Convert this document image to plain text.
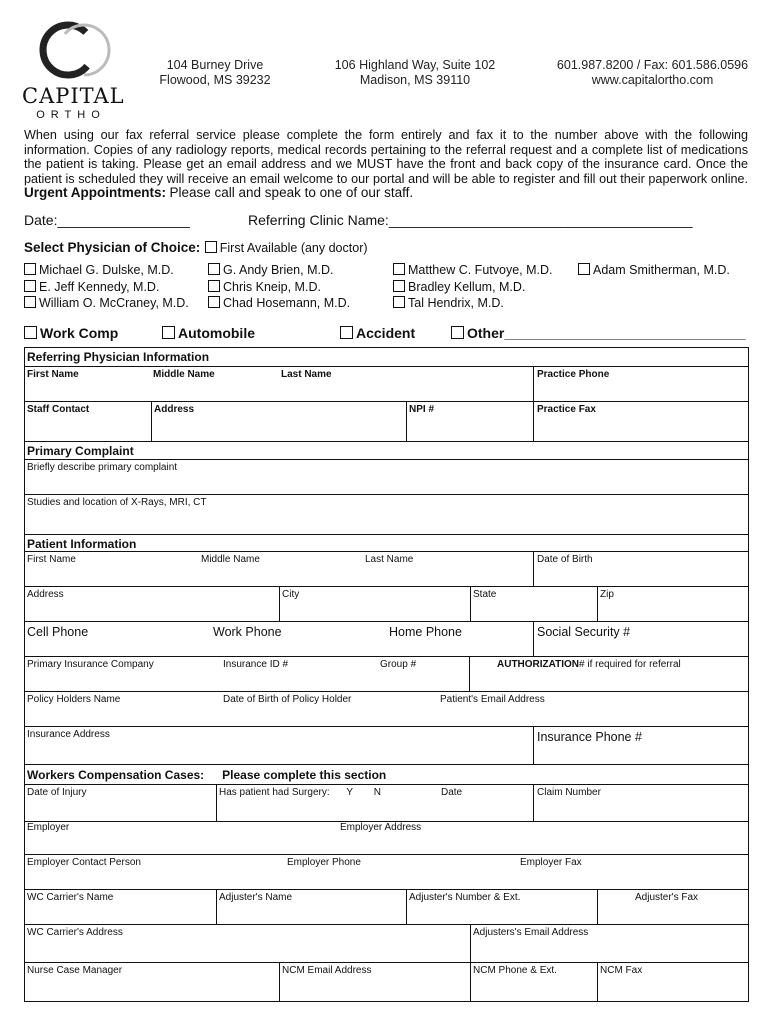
CAPITAL
ORTHO
104 Burney Drive
Flowood, MS 39232
106 Highland Way, Suite 102
Madison, MS 39110
601.987.8200 / Fax: 601.586.0596
www.capitalortho.com
When using our fax referral service please complete the form entirely and fax it to the number above with the following information. Copies of any radiology reports, medical records pertaining to the referral request and a complete list of medications the patient is taking. Please get an email address and we MUST have the front and back copy of the insurance card. Once the patient is scheduled they will receive an email welcome to our portal and will be able to register and fill out their paperwork online. Urgent Appointments: Please call and speak to one of our staff.
Date:_________________	Referring Clinic Name:_______________________________________
Select Physician of Choice: First Available (any doctor)
Michael G. Dulske, M.D.
E. Jeff Kennedy, M.D.
William O. McCraney, M.D.
G. Andy Brien, M.D.
Chris Kneip, M.D.
Chad Hosemann, M.D.
Matthew C. Futvoye, M.D.
Bradley Kellum, M.D.
Tal Hendrix, M.D.
Adam Smitherman, M.D.
Work Comp	Automobile	Accident	Other_______________________________
Referring Physician Information
First Name	Middle Name	Last Name	Practice Phone
Staff Contact	Address	NPI #	Practice Fax
Primary Complaint
Briefly describe primary complaint
Studies and location of X-Rays, MRI, CT
Patient Information
First Name	Middle Name	Last Name	Date of Birth
Address	City	State	Zip
Cell Phone	Work Phone	Home Phone	Social Security #
Primary Insurance Company	Insurance ID #	Group #	AUTHORIZATION# if required for referral
Policy Holders Name	Date of Birth of Policy Holder	Patient's Email Address
Insurance Address	Insurance Phone #
Workers Compensation Cases: Please complete this section
Date of Injury	Has patient had Surgery: Y N	Date	Claim Number
Employer	Employer Address
Employer Contact Person	Employer Phone	Employer Fax
WC Carrier's Name	Adjuster's Name	Adjuster's Number & Ext.	Adjuster's Fax
WC Carrier's Address	Adjusters's Email Address
Nurse Case Manager	NCM Email Address	NCM Phone & Ext.	NCM Fax
